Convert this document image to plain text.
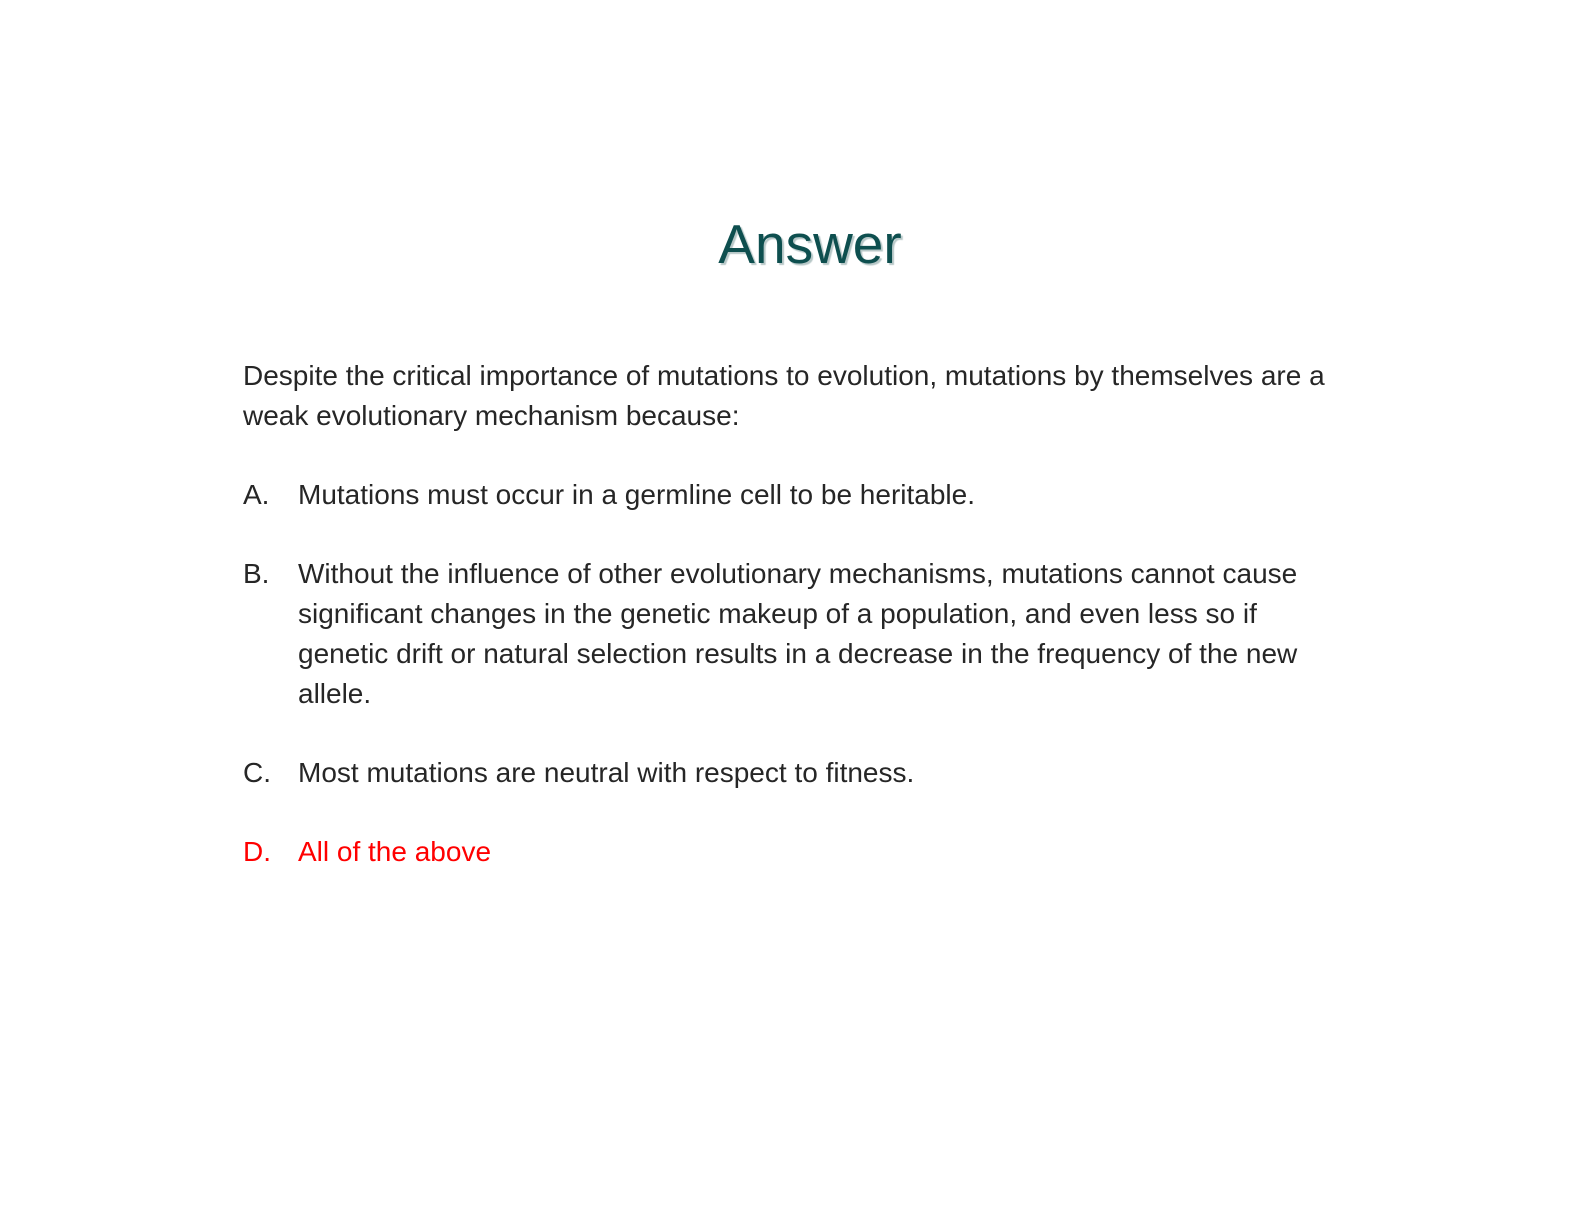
Answer

Despite the critical importance of mutations to evolution, mutations by themselves are a weak evolutionary mechanism because:

A.	Mutations must occur in a germline cell to be heritable.
B.	Without the influence of other evolutionary mechanisms, mutations cannot cause significant changes in the genetic makeup of a population, and even less so if genetic drift or natural selection results in a decrease in the frequency of the new allele.
C. Most mutations are neutral with respect to fitness.
D. All of the above
